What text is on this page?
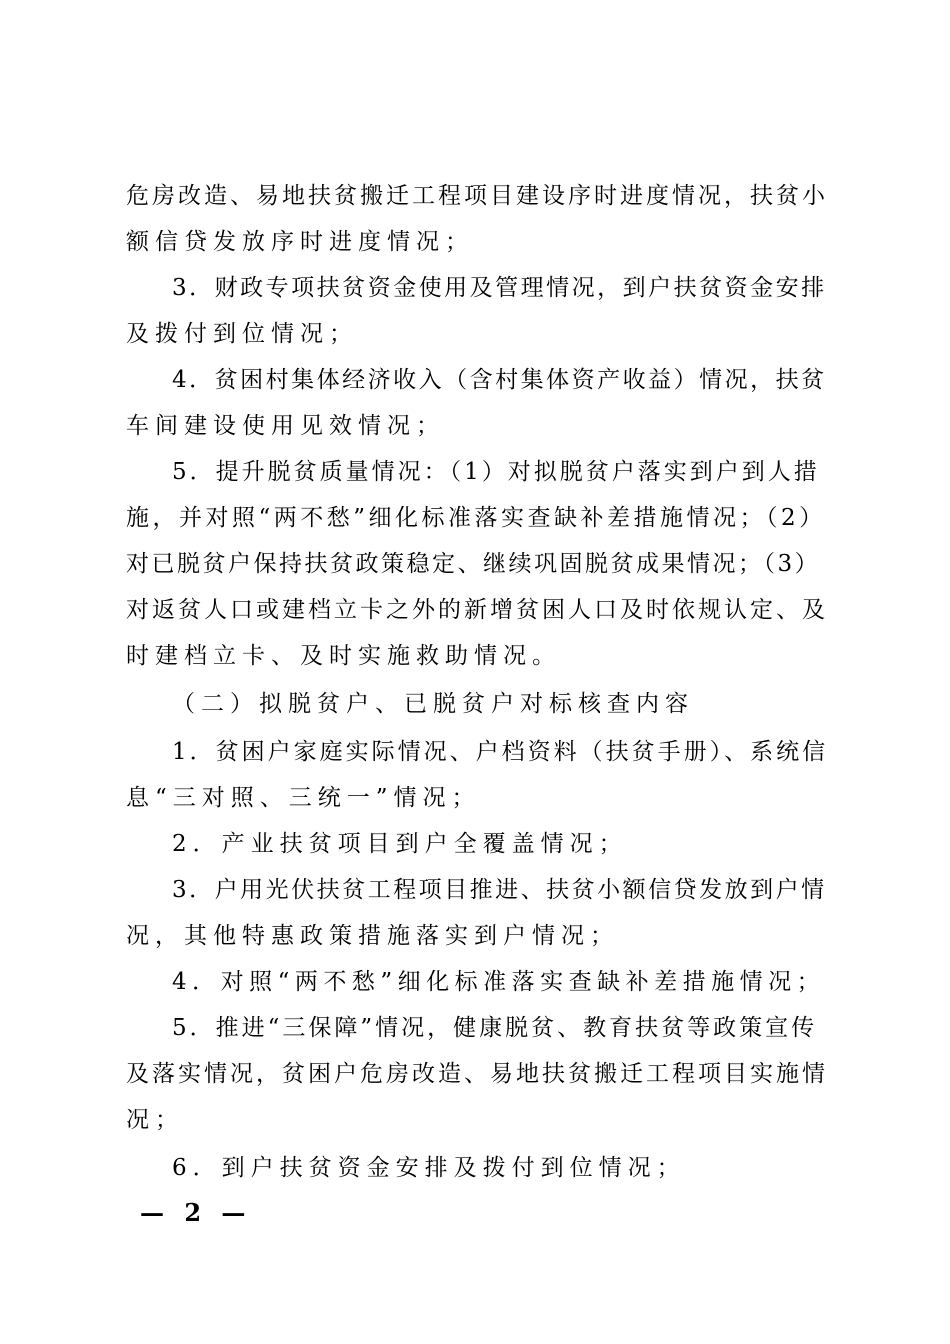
危房改造、易地扶贫搬迁工程项目建设序时进度情况，扶贫小
额信贷发放序时进度情况；
3．财政专项扶贫资金使用及管理情况，到户扶贫资金安排
及拨付到位情况；
4．贫困村集体经济收入（含村集体资产收益）情况，扶贫
车间建设使用见效情况；
5．提升脱贫质量情况：（1）对拟脱贫户落实到户到人措
施，并对照“两不愁”细化标准落实查缺补差措施情况；（2）
对已脱贫户保持扶贫政策稳定、继续巩固脱贫成果情况；（3）
对返贫人口或建档立卡之外的新增贫困人口及时依规认定、及
时建档立卡、及时实施救助情况。
（二）拟脱贫户、已脱贫户对标核查内容
1．贫困户家庭实际情况、户档资料（扶贫手册）、系统信
息“三对照、三统一”情况；
2．产业扶贫项目到户全覆盖情况；
3．户用光伏扶贫工程项目推进、扶贫小额信贷发放到户情
况，其他特惠政策措施落实到户情况；
4．对照“两不愁”细化标准落实查缺补差措施情况；
5．推进“三保障”情况，健康脱贫、教育扶贫等政策宣传
及落实情况，贫困户危房改造、易地扶贫搬迁工程项目实施情
况；
6．到户扶贫资金安排及拨付到位情况；
— 2 —
